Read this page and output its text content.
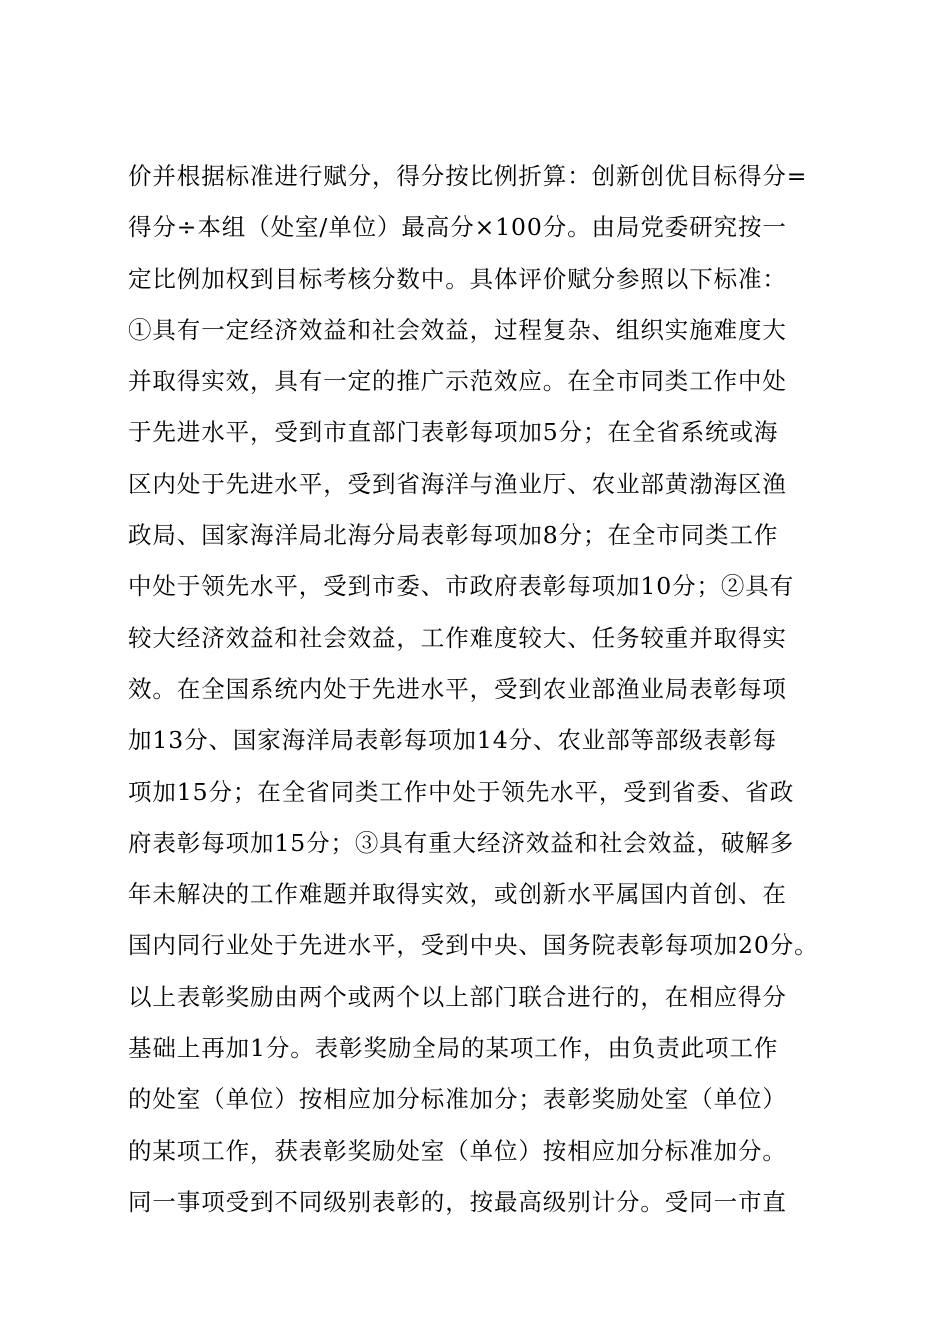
价并根据标准进行赋分，得分按比例折算：创新创优目标得分=
得分÷本组（处室/单位）最高分×100分。由局党委研究按一
定比例加权到目标考核分数中。具体评价赋分参照以下标准：
①具有一定经济效益和社会效益，过程复杂、组织实施难度大
并取得实效，具有一定的推广示范效应。在全市同类工作中处
于先进水平，受到市直部门表彰每项加5分；在全省系统或海
区内处于先进水平，受到省海洋与渔业厅、农业部黄渤海区渔
政局、国家海洋局北海分局表彰每项加8分；在全市同类工作
中处于领先水平，受到市委、市政府表彰每项加10分；②具有
较大经济效益和社会效益，工作难度较大、任务较重并取得实
效。在全国系统内处于先进水平，受到农业部渔业局表彰每项
加13分、国家海洋局表彰每项加14分、农业部等部级表彰每
项加15分；在全省同类工作中处于领先水平，受到省委、省政
府表彰每项加15分；③具有重大经济效益和社会效益，破解多
年未解决的工作难题并取得实效，或创新水平属国内首创、在
国内同行业处于先进水平，受到中央、国务院表彰每项加20分。
以上表彰奖励由两个或两个以上部门联合进行的，在相应得分
基础上再加1分。表彰奖励全局的某项工作，由负责此项工作
的处室（单位）按相应加分标准加分；表彰奖励处室（单位）
的某项工作，获表彰奖励处室（单位）按相应加分标准加分。
同一事项受到不同级别表彰的，按最高级别计分。受同一市直
